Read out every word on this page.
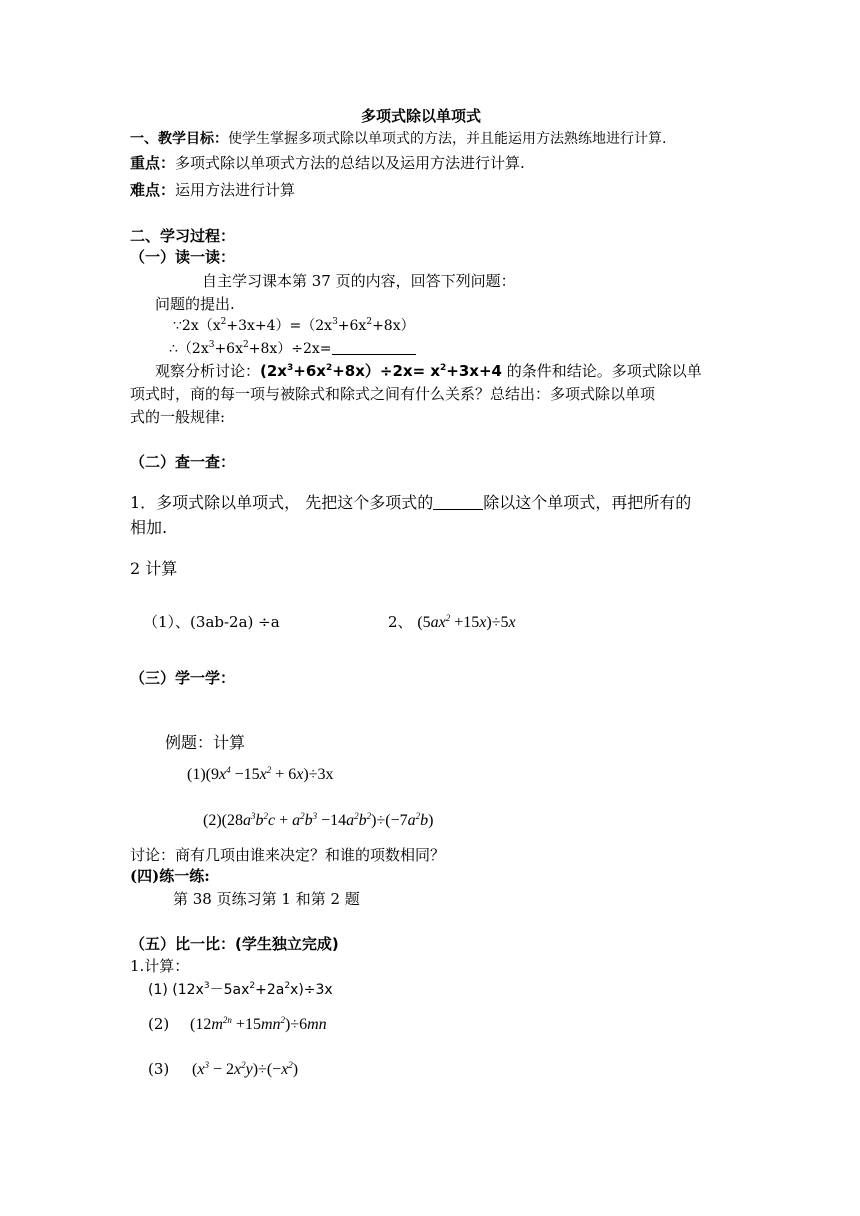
多项式除以单项式
一、教学目标：使学生掌握多项式除以单项式的方法，并且能运用方法熟练地进行计算.
重点：多项式除以单项式方法的总结以及运用方法进行计算.
难点：运用方法进行计算
二、学习过程：
（一）读一读：
自主学习课本第 37 页的内容，回答下列问题：
问题的提出.
$\because 2x(x^2+3x+4)=(2x^3+6x^2+8x)$
$\therefore(2x^3+6x^2+8x)\div 2x=$
观察分析讨论：$(2x^3+6x^2+8x)\div 2x= x^2+3x+4$ 的条件和结论。多项式除以单
项式时，商的每一项与被除式和除式之间有什么关系？总结出：多项式除以单项
式的一般规律:
（二）查一查：
1．多项式除以单项式， 先把这个多项式的	除以这个单项式，再把所有的
相加.
2 计算
（1）、(3ab-2a) ÷a	2、 $(5ax^2 +15x)\div 5x$
（三）学一学：
例题：计算
$(1)(9x^4 -15x^2 + 6x)\div 3x$
$(2)(28a^3b^2c + a^2b^3 -14a^2b^2)\div(-7a^2b)$
讨论：商有几项由谁来决定？和谁的项数相同？
(四)练一练:
第 38 页练习第 1 和第 2 题
（五）比一比：(学生独立完成)
1.计算：
(1) $(12x^3-5ax^2+2a^2x)\div 3x$
(2) $(12m^{2n} +15mn^2)\div 6mn$
(3) $(x^3 - 2x^2y)\div(-x^2)$
